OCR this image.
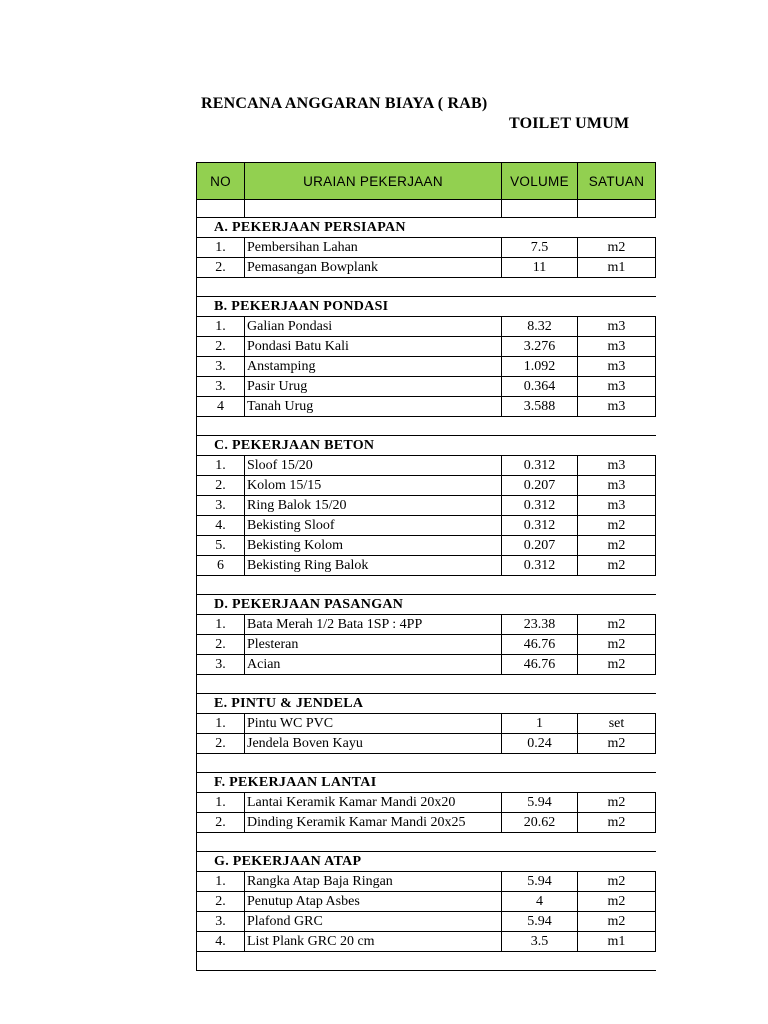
RENCANA ANGGARAN BIAYA ( RAB)
TOILET UMUM
NO	URAIAN PEKERJAAN	VOLUME	SATUAN

A. PEKERJAAN PERSIAPAN			
1.	Pembersihan Lahan	7.5	m2
2.	Pemasangan Bowplank	11	m1

B. PEKERJAAN PONDASI			
1.	Galian Pondasi	8.32	m3
2.	Pondasi Batu Kali	3.276	m3
3.	Anstamping	1.092	m3
3.	Pasir Urug	0.364	m3
4	Tanah Urug	3.588	m3

C. PEKERJAAN BETON			
1.	Sloof 15/20	0.312	m3
2.	Kolom 15/15	0.207	m3
3.	Ring Balok 15/20	0.312	m3
4.	Bekisting Sloof	0.312	m2
5.	Bekisting Kolom	0.207	m2
6	Bekisting Ring Balok	0.312	m2

D. PEKERJAAN PASANGAN			
1.	Bata Merah 1/2 Bata 1SP : 4PP	23.38	m2
2.	Plesteran	46.76	m2
3.	Acian	46.76	m2

E. PINTU & JENDELA			
1.	Pintu WC PVC	1	set
2.	Jendela Boven Kayu	0.24	m2

F. PEKERJAAN LANTAI			
1.	Lantai Keramik Kamar Mandi 20x20	5.94	m2
2.	Dinding Keramik Kamar Mandi 20x25	20.62	m2

G. PEKERJAAN ATAP			
1.	Rangka Atap Baja Ringan	5.94	m2
2.	Penutup Atap Asbes	4	m2
3.	Plafond GRC	5.94	m2
4.	List Plank GRC 20 cm	3.5	m1
